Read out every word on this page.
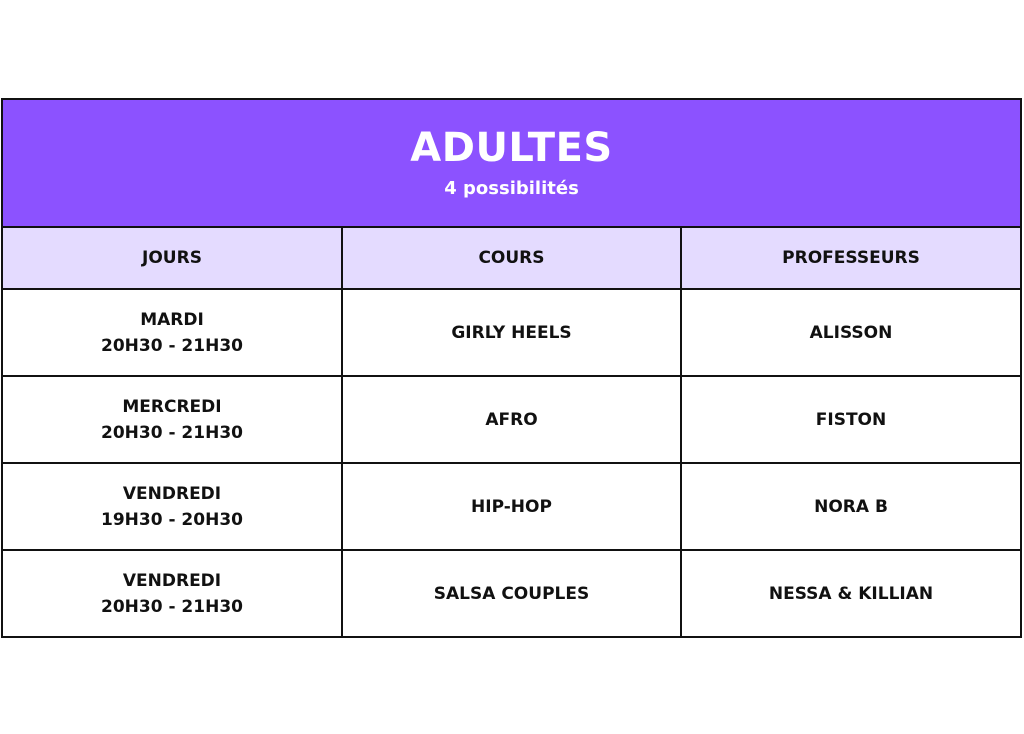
ADULTES
4 possibilités
JOURS	COURS	PROFESSEURS

MARDI
20H30 - 21H30	GIRLY HEELS	ALISSON

MERCREDI
20H30 - 21H30	AFRO	FISTON

VENDREDI
19H30 - 20H30	HIP-HOP	NORA B

VENDREDI
20H30 - 21H30	SALSA COUPLES	NESSA & KILLIAN
